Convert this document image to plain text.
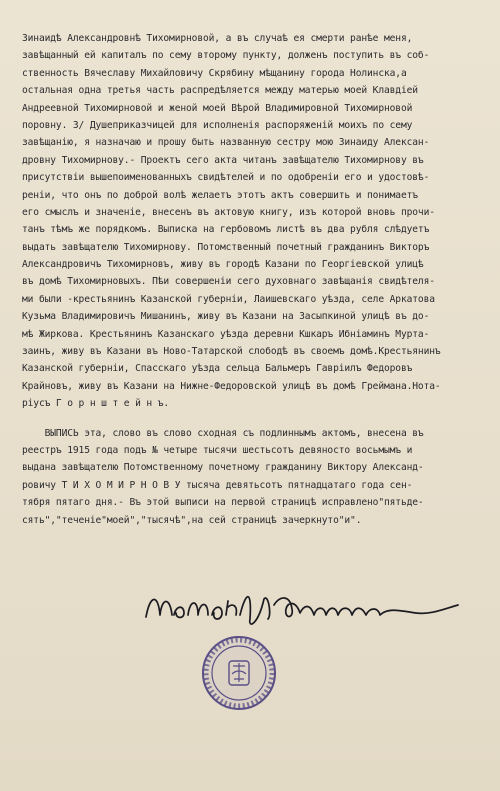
Зинаидѣ Александровнѣ Тихомирновой, а въ случаѣ ея смерти ранѣе меня,
завѣщанный ей капиталъ по сему второму пункту, долженъ поступить въ соб-
ственность Вячеславу Михайловичу Скрябину мѣщанину города Нолинска,а
остальная одна третья часть распредѣляется между матерью моей Клавдiей
Андреевной Тихомирновой и женой моей Вѣрой Владимировной Тихомирновой
поровну. 3/ Душеприказчицей для исполненiя распоряженiй моихъ по сему
завѣщанiю, я назначаю и прошу быть названную сестру мою Зинаиду Алексан-
дровну Тихомирнову.- Проектъ сего акта читанъ завѣщателю Тихомирнову въ
присутствiи вышепоименованныхъ свидѣтелей и по одобренiи его и удостовѣ-
ренiи, что онъ по доброй волѣ желаетъ этотъ актъ совершить и понимаетъ
его смыслъ и значенiе, внесенъ въ актовую книгу, изъ которой вновь прочи-
танъ тѣмъ же порядкомъ. Выписка на гербовомъ листѣ въ два рубля слѣдуетъ
выдать завѣщателю Тихомирнову. Потомственный почетный гражданинъ Викторъ
Александровичъ Тихомирновъ, живу въ городѣ Казани по Георгiевской улицѣ
въ домѣ Тихомирновыхъ. Пѣи совершенiи сего духовнаго завѣщанiя свидѣтеля-
ми были -крестьянинъ Казанской губернiи, Лаишевскаго уѣзда, селе Аркатова
Кузьма Владимировичъ Мишанинъ, живу въ Казани на Засыпкиной улицѣ въ до-
мѣ Жиркова. Крестьянинъ Казанскаго уѣзда деревни Кшкаръ Ибнiаминъ Муртa-
заинъ, живу въ Казани въ Ново-Татарской слободѣ въ своемъ домѣ.Крестьянинъ
Казанской губернiи, Спасскаго уѣзда сельца Бальмеръ Гаврiилъ Федоровъ
Крайновъ, живу въ Казани на Нижне-Федоровской улицѣ въ домѣ Греймана.Нота-
рiусъ Г о р н ш т е й н ъ.
ВЫПИСЬ эта, слово въ слово сходная съ подлиннымъ актомъ, внесена въ
реестръ 1915 года подъ № четыре тысячи шестьсотъ девяносто восьмымъ и
выдана завѣщателю Потомственному почетному гражданину Виктору Александ-
ровичу Т И Х О М И Р Н О В У тысяча девятьсотъ пятнадцатаго года сен-
тября пятаго дня.- Въ этой выписи на первой страницѣ исправлено"пятьде-
сять","теченiе"моей","тысячѣ",на сей страницѣ зачеркнуто"и".
